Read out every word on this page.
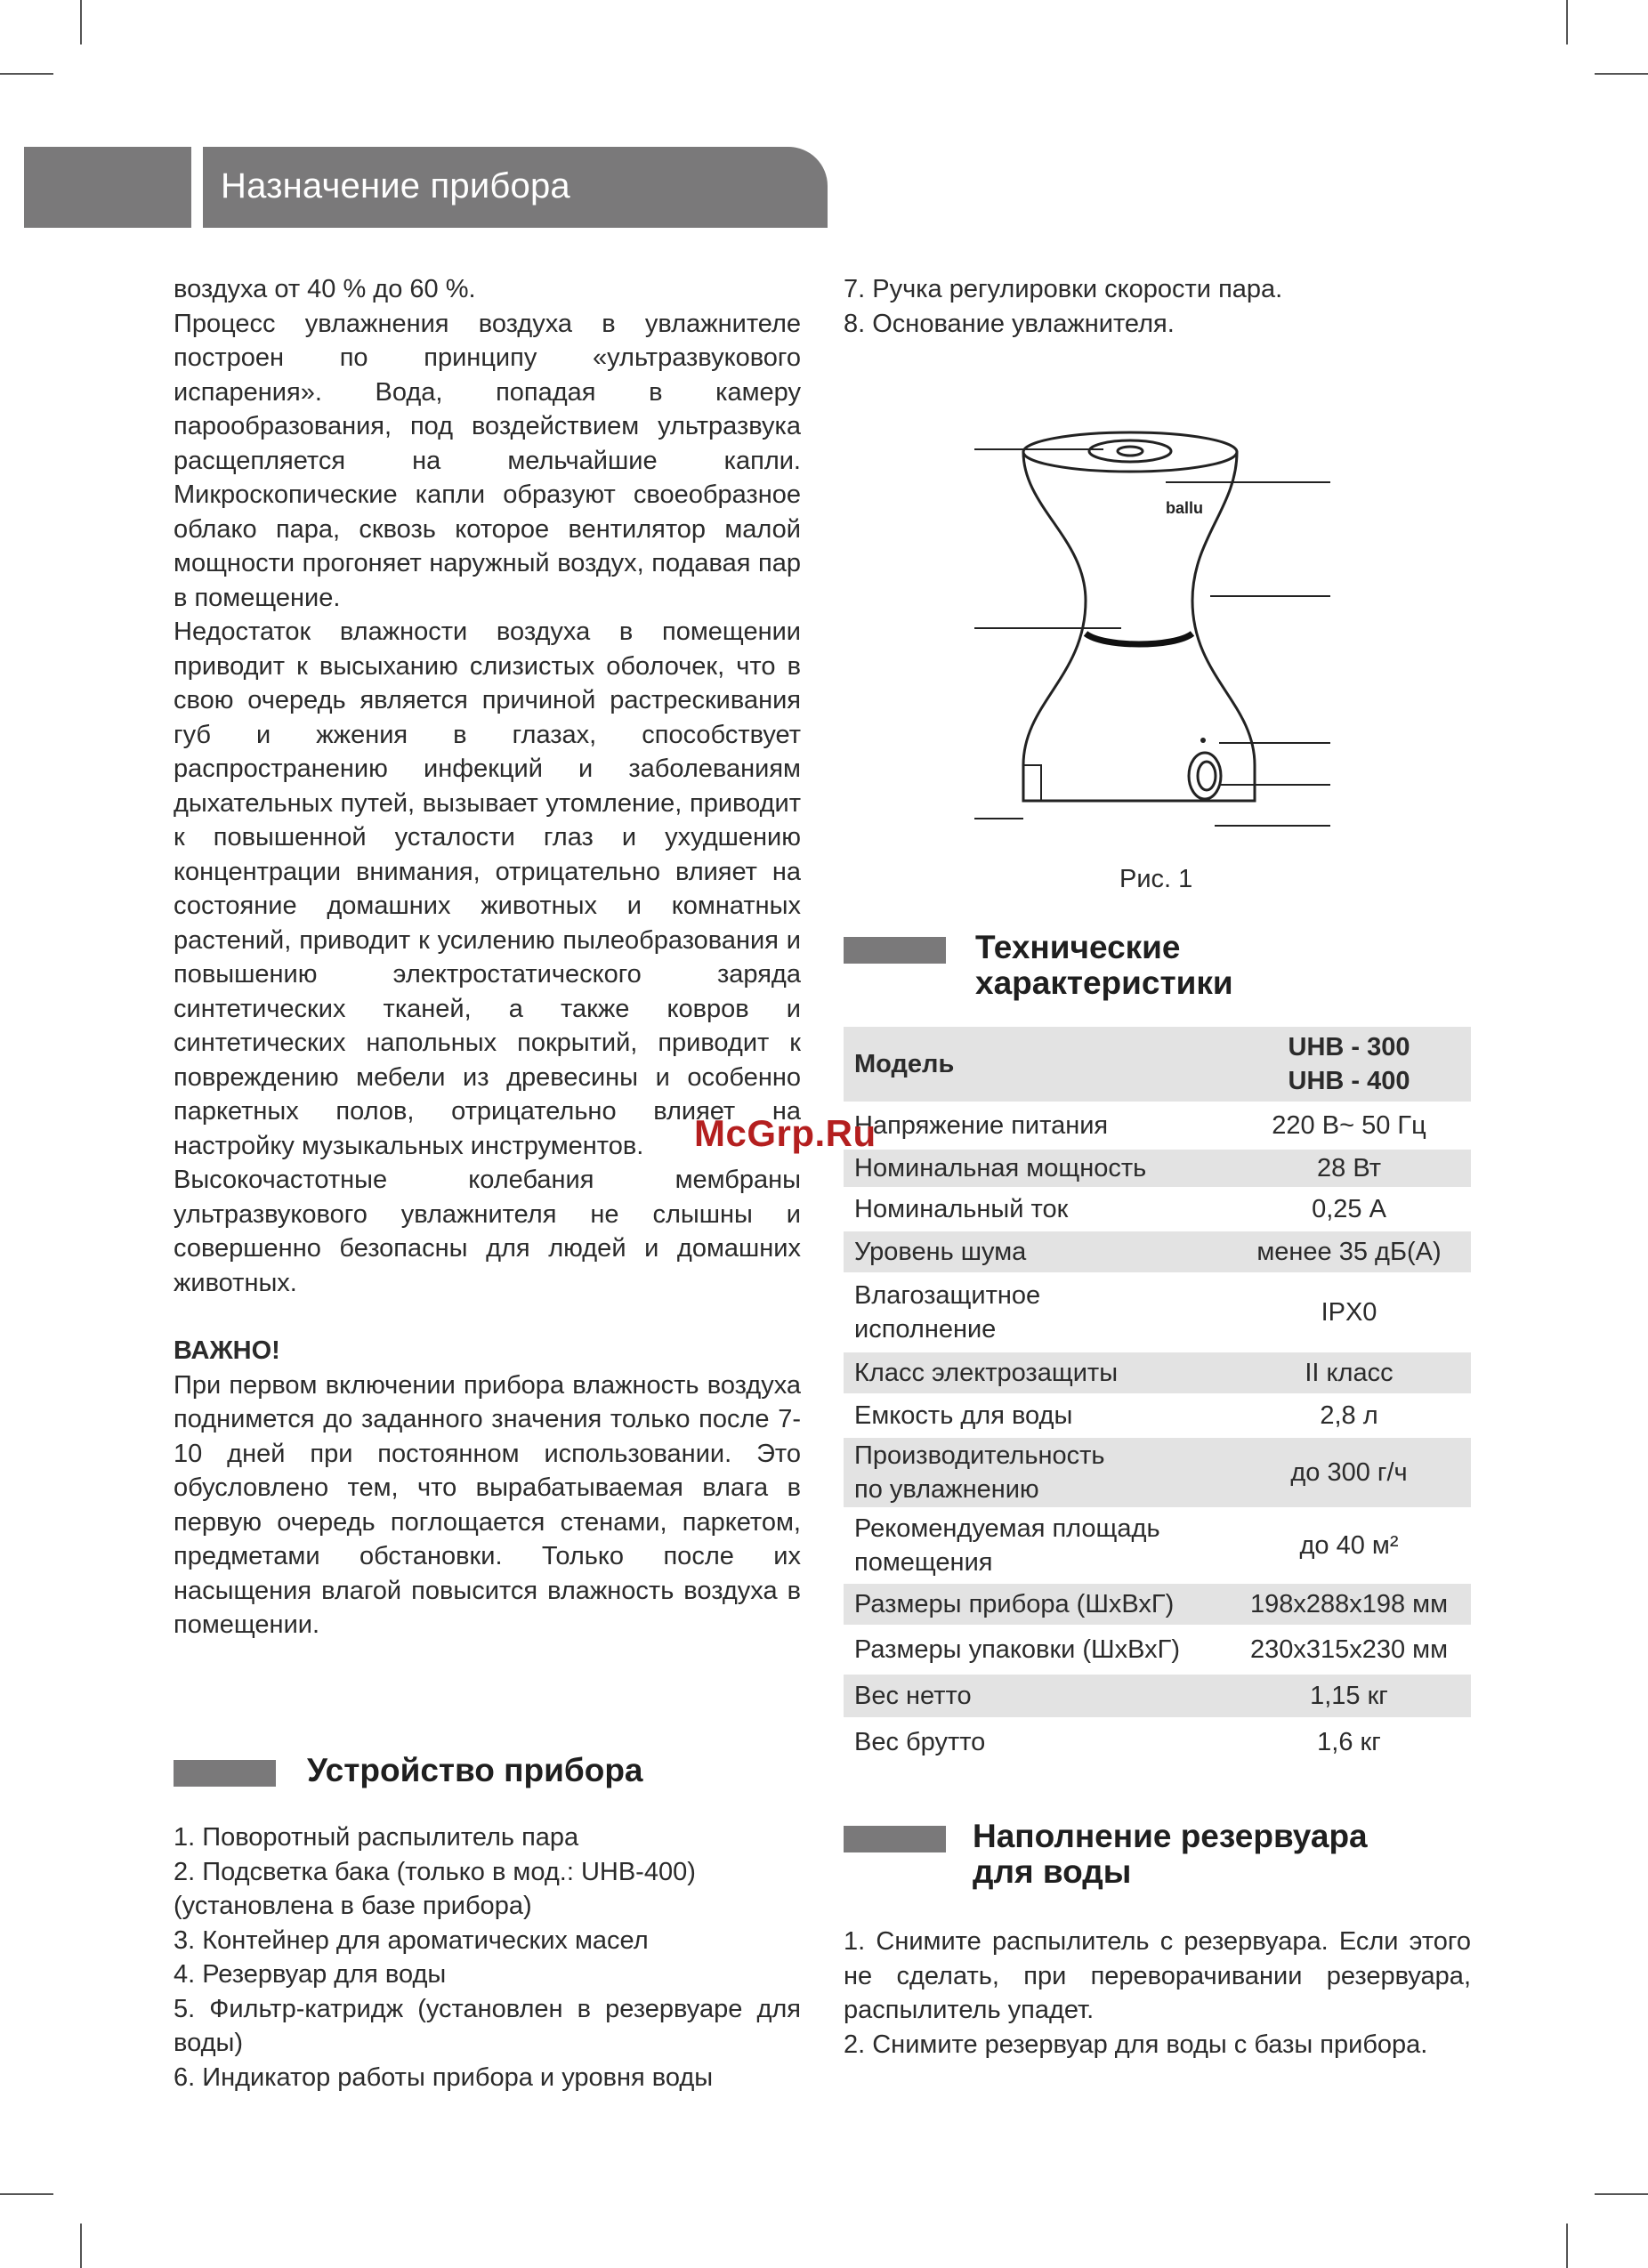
Назначение прибора

воздуха от 40 % до 60 %.

Процесс увлажнения воздуха в увлажнителе построен по принципу «ультразвукового испарения». Вода, попадая в камеру парообразования, под воздействием ультразвука расщепляется на мельчайшие капли. Микроскопические капли образуют своеобразное облако пара, сквозь которое вентилятор малой мощности прогоняет наружный воздух, подавая пар в помещение.

Недостаток влажности воздуха в помещении приводит к высыханию слизистых оболочек, что в свою очередь является причиной растрескивания губ и жжения в глазах, способствует распространению инфекций и заболеваниям дыхательных путей, вызывает утомление, приводит к повышенной усталости глаз и ухудшению концентрации внимания, отрицательно влияет на состояние домашних животных и комнатных растений, приводит к усилению пылеобразования и повышению электростатического заряда синтетических тканей, а также ковров и синтетических напольных покрытий, приводит к повреждению мебели из древесины и особенно паркетных полов, отрицательно влияет на настройку музыкальных инструментов.

Высокочастотные колебания мембраны ультразвукового увлажнителя не слышны и совершенно безопасны для людей и домашних животных.

ВАЖНО!

При первом включении прибора влажность воздуха поднимется до заданного значения только после 7-10 дней при постоянном использовании. Это обусловлено тем, что вырабатываемая влага в первую очередь поглощается стенами, паркетом, предметами обстановки. Только после их насыщения влагой повысится влажность воздуха в помещении.

Устройство прибора
1. Поворотный распылитель пара
2. Подсветка бака (только в мод.: UHB-400)
(установлена в базе прибора)
3. Контейнер для ароматических масел
4. Резервуар для воды
5. Фильтр-катридж (установлен в резервуаре для воды)
6. Индикатор работы прибора и уровня воды
7. Ручка регулировки скорости пара.
8. Основание увлажнителя.
ballu
Рис. 1
Технические
характеристики
Модель	UHB - 300
UHB - 400

Напряжение питания	220 В~ 50 Гц
Номинальная мощность	28 Вт
Номинальный ток	0,25 А
Уровень шума	менее 35 дБ(А)

Влагозащитное
исполнение	IPX0
Класс электрозащиты	II класс
Емкость для воды	2,8 л

Производительность
по увлажнению	до 300 г/ч

Рекомендуемая площадь
помещения	до 40 м²
Размеры прибора (ШхВхГ)	198х288х198 мм
Размеры упаковки (ШхВхГ)	230х315х230 мм
Вес нетто	1,15 кг
Вес брутто	1,6 кг
McGrp.Ru
Наполнение резервуара
для воды

1. Снимите распылитель с резервуара. Если этого не сделать, при переворачивании резервуара, распылитель упадет.

2. Снимите резервуар для воды с базы прибора.
